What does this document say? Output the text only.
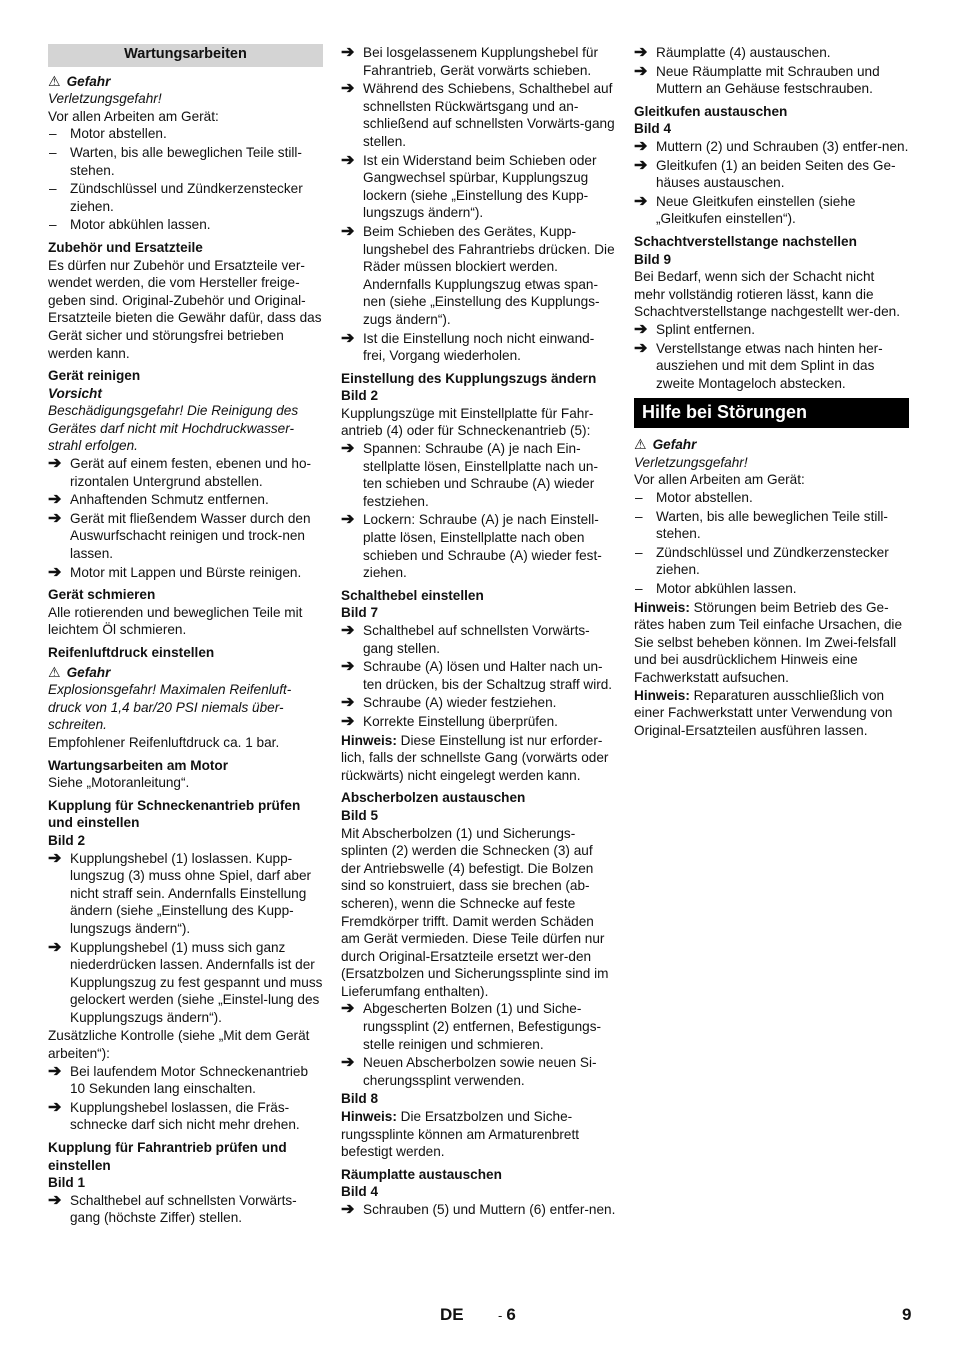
Wartungsarbeiten
⚠ Gefahr

Verletzungsgefahr!

Vor allen Arbeiten am Gerät:

– Motor abstellen.
– Warten, bis alle beweglichen Teile still-stehen.
– Zündschlüssel und Zündkerzenstecker ziehen.
– Motor abkühlen lassen.
Zubehör und Ersatzteile

Es dürfen nur Zubehör und Ersatzteile ver-wendet werden, die vom Hersteller freige-geben sind. Original-Zubehör und Original-Ersatzteile bieten die Gewähr dafür, dass das Gerät sicher und störungsfrei betrieben werden kann.

Gerät reinigen
Vorsicht

Beschädigungsgefahr! Die Reinigung des Gerätes darf nicht mit Hochdruckwasser-strahl erfolgen.

➔ Gerät auf einem festen, ebenen und ho-rizontalen Untergrund abstellen.
➔ Anhaftenden Schmutz entfernen.
➔ Gerät mit fließendem Wasser durch den Auswurfschacht reinigen und trock-nen lassen.
➔ Motor mit Lappen und Bürste reinigen.
Gerät schmieren

Alle rotierenden und beweglichen Teile mit leichtem Öl schmieren.

Reifenluftdruck einstellen
⚠ Gefahr

Explosionsgefahr! Maximalen Reifenluft-druck von 1,4 bar/20 PSI niemals über-schreiten.

Empfohlener Reifenluftdruck ca. 1 bar.

Wartungsarbeiten am Motor

Siehe „Motoranleitung“.

Kupplung für Schneckenantrieb prüfen und einstellen
Bild 2
➔ Kupplungshebel (1) loslassen. Kupp-lungszug (3) muss ohne Spiel, darf aber nicht straff sein. Andernfalls Einstellung ändern (siehe „Einstellung des Kupp-lungszugs ändern“).
➔ Kupplungshebel (1) muss sich ganz niederdrücken lassen. Andernfalls ist der Kupplungszug zu fest gespannt und muss gelockert werden (siehe „Einstel-lung des Kupplungszugs ändern“).

Zusätzliche Kontrolle (siehe „Mit dem Gerät arbeiten“):

➔ Bei laufendem Motor Schneckenantrieb 10 Sekunden lang einschalten.
➔ Kupplungshebel loslassen, die Fräs-schnecke darf sich nicht mehr drehen.
Kupplung für Fahrantrieb prüfen und einstellen
Bild 1
➔ Schalthebel auf schnellsten Vorwärts-gang (höchste Ziffer) stellen.
➔ Bei losgelassenem Kupplungshebel für Fahrantrieb, Gerät vorwärts schieben.
➔ Während des Schiebens, Schalthebel auf schnellsten Rückwärtsgang und an-schließend auf schnellsten Vorwärts-gang stellen.
➔ Ist ein Widerstand beim Schieben oder Gangwechsel spürbar, Kupplungszug lockern (siehe „Einstellung des Kupp-lungszugs ändern“).
➔ Beim Schieben des Gerätes, Kupp-lungshebel des Fahrantriebs drücken. Die Räder müssen blockiert werden. Andernfalls Kupplungszug etwas span-nen (siehe „Einstellung des Kupplungs-zugs ändern“).
➔ Ist die Einstellung noch nicht einwand-frei, Vorgang wiederholen.
Einstellung des Kupplungszugs ändern
Bild 2

Kupplungszüge mit Einstellplatte für Fahr-antrieb (4) oder für Schneckenantrieb (5):

➔ Spannen: Schraube (A) je nach Ein-stellplatte lösen, Einstellplatte nach un-ten schieben und Schraube (A) wieder festziehen.
➔ Lockern: Schraube (A) je nach Einstell-platte lösen, Einstellplatte nach oben schieben und Schraube (A) wieder fest-ziehen.
Schalthebel einstellen
Bild 7
➔ Schalthebel auf schnellsten Vorwärts-gang stellen.
➔ Schraube (A) lösen und Halter nach un-ten drücken, bis der Schaltzug straff wird.
➔ Schraube (A) wieder festziehen.
➔ Korrekte Einstellung überprüfen.

Hinweis: Diese Einstellung ist nur erforder-lich, falls der schnellste Gang (vorwärts oder rückwärts) nicht eingelegt werden kann.

Abscherbolzen austauschen
Bild 5

Mit Abscherbolzen (1) und Sicherungs-splinten (2) werden die Schnecken (3) auf der Antriebswelle (4) befestigt. Die Bolzen sind so konstruiert, dass sie brechen (ab-scheren), wenn die Schnecke auf feste Fremdkörper trifft. Damit werden Schäden am Gerät vermieden. Diese Teile dürfen nur durch Original-Ersatzteile ersetzt wer-den (Ersatzbolzen und Sicherungssplinte sind im Lieferumfang enthalten).

➔ Abgescherten Bolzen (1) und Siche-rungssplint (2) entfernen, Befestigungs-stelle reinigen und schmieren.
➔ Neuen Abscherbolzen sowie neuen Si-cherungssplint verwenden.
Bild 8

Hinweis: Die Ersatzbolzen und Siche-rungssplinte können am Armaturenbrett befestigt werden.

Räumplatte austauschen
Bild 4
➔ Schrauben (5) und Muttern (6) entfer-nen.
➔ Räumplatte (4) austauschen.
➔ Neue Räumplatte mit Schrauben und Muttern an Gehäuse festschrauben.
Gleitkufen austauschen
Bild 4
➔ Muttern (2) und Schrauben (3) entfer-nen.
➔ Gleitkufen (1) an beiden Seiten des Ge-häuses austauschen.
➔ Neue Gleitkufen einstellen (siehe „Gleitkufen einstellen“).
Schachtverstellstange nachstellen
Bild 9

Bei Bedarf, wenn sich der Schacht nicht mehr vollständig rotieren lässt, kann die Schachtverstellstange nachgestellt wer-den.

➔ Splint entfernen.
➔ Verstellstange etwas nach hinten her-ausziehen und mit dem Splint in das zweite Montageloch abstecken.
Hilfe bei Störungen
⚠ Gefahr

Verletzungsgefahr!

Vor allen Arbeiten am Gerät:

– Motor abstellen.
– Warten, bis alle beweglichen Teile still-stehen.
– Zündschlüssel und Zündkerzenstecker ziehen.
– Motor abkühlen lassen.

Hinweis: Störungen beim Betrieb des Ge-rätes haben zum Teil einfache Ursachen, die Sie selbst beheben können. Im Zwei-felsfall und bei ausdrücklichem Hinweis eine Fachwerkstatt aufsuchen.

Hinweis: Reparaturen ausschließlich von einer Fachwerkstatt unter Verwendung von Original-Ersatzteilen ausführen lassen.

DE	- 6	9
